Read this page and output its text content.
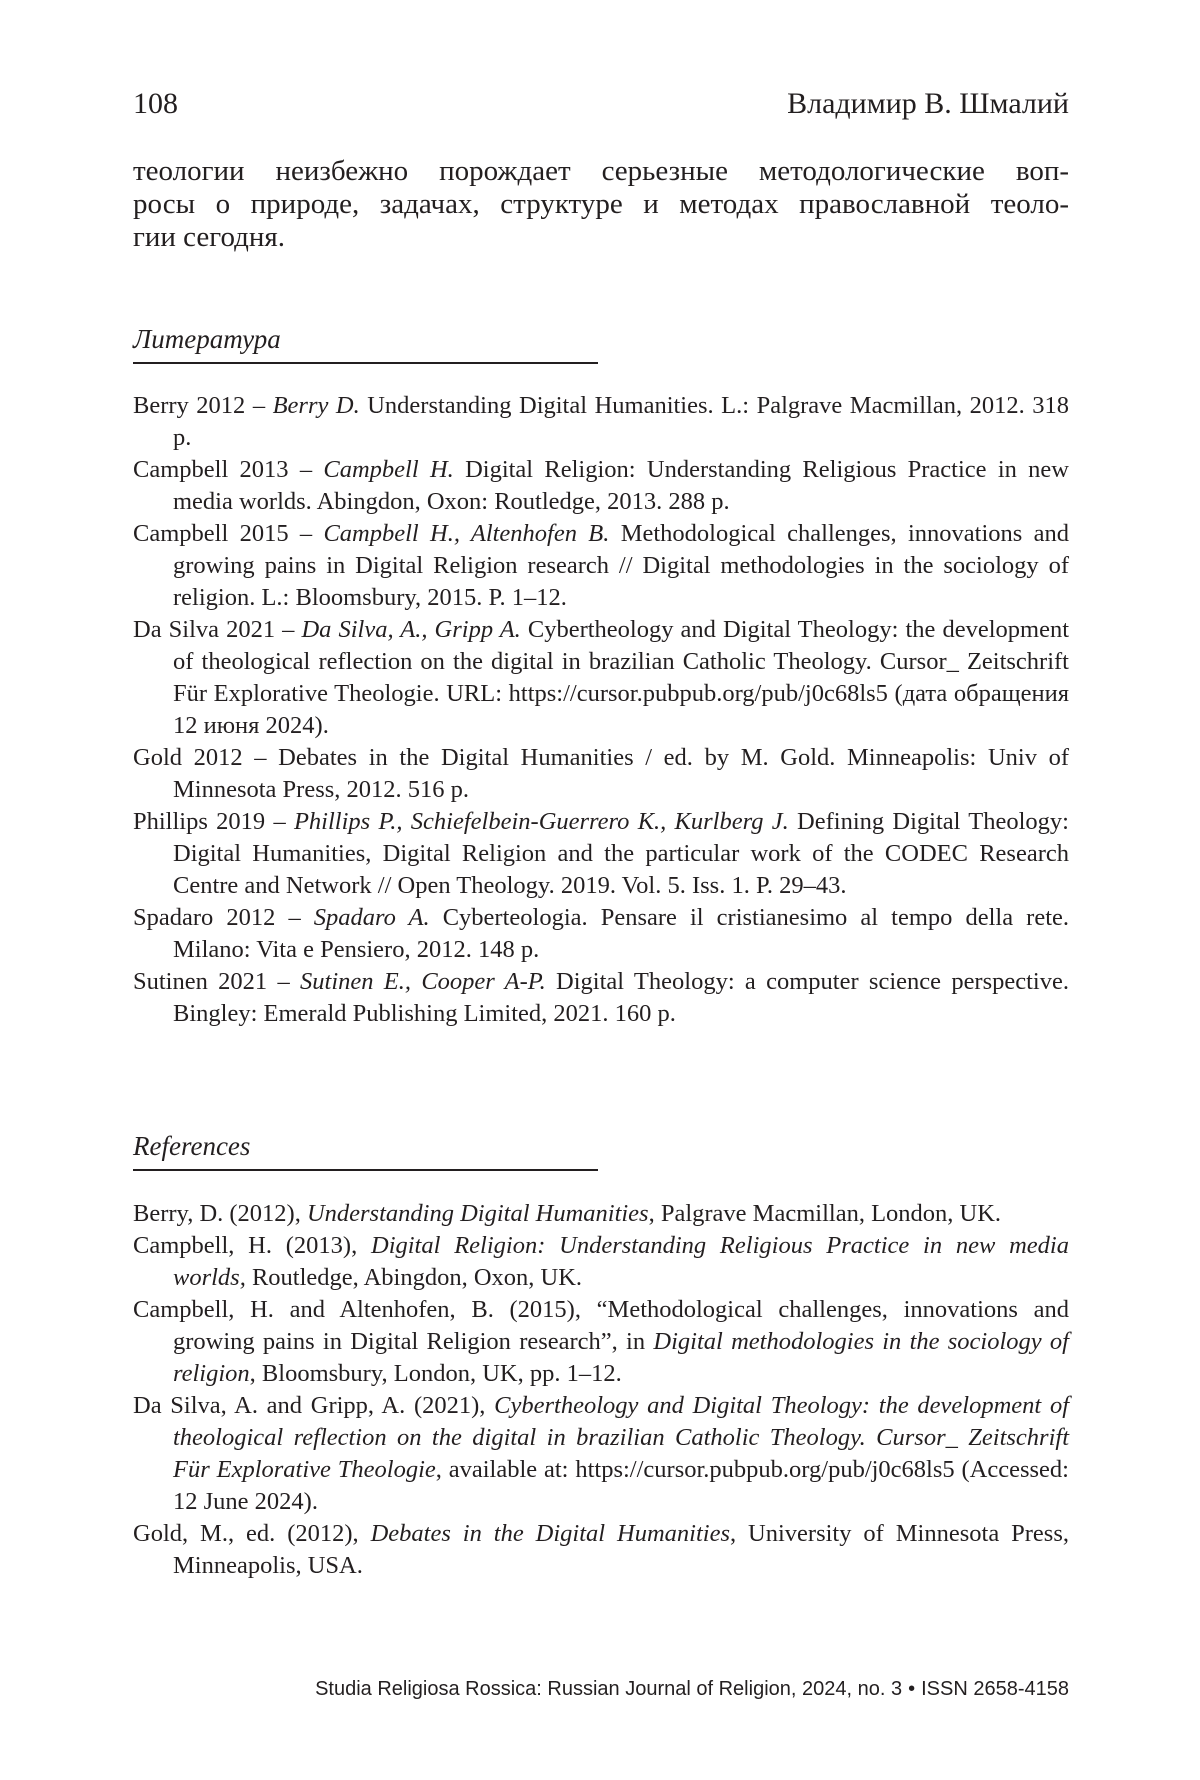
108	Владимир В. Шмалий

теологии неизбежно порождает серьезные методологические воп-
росы о природе, задачах, структуре и методах православной теоло-
гии сегодня.

Литература
Berry 2012 – Berry D. Understanding Digital Humanities. L.: Palgrave Macmillan, 2012. 318 p.
Campbell 2013 – Campbell H. Digital Religion: Understanding Religious Practice in new media worlds. Abingdon, Oxon: Routledge, 2013. 288 p.
Campbell 2015 – Campbell H., Altenhofen B. Methodological challenges, innovations and growing pains in Digital Religion research // Digital methodologies in the sociology of religion. L.: Bloomsbury, 2015. P. 1–12.
Da Silva 2021 – Da Silva, A., Gripp A. Cybertheology and Digital Theology: the development of theological reflection on the digital in brazilian Catholic Theology. Cursor_ Zeitschrift Für Explorative Theologie. URL: https://cursor.pubpub.org/pub/j0c68ls5 (дата обращения 12 июня 2024).
Gold 2012 – Debates in the Digital Humanities / ed. by M. Gold. Minneapolis: Univ of Minnesota Press, 2012. 516 p.
Phillips 2019 – Phillips P., Schiefelbein-Guerrero K., Kurlberg J. Defining Digital Theology: Digital Humanities, Digital Religion and the particular work of the CODEC Research Centre and Network // Open Theology. 2019. Vol. 5. Iss. 1. P. 29–43.
Spadaro 2012 – Spadaro A. Cyberteologia. Pensare il cristianesimo al tempo della rete. Milano: Vita e Pensiero, 2012. 148 p.
Sutinen 2021 – Sutinen E., Cooper A-P. Digital Theology: a computer science perspective. Bingley: Emerald Publishing Limited, 2021. 160 p.
References
Berry, D. (2012), Understanding Digital Humanities, Palgrave Macmillan, London, UK.
Campbell, H. (2013), Digital Religion: Understanding Religious Practice in new media worlds, Routledge, Abingdon, Oxon, UK.
Campbell, H. and Altenhofen, B. (2015), “Methodological challenges, innovations and growing pains in Digital Religion research”, in Digital methodologies in the sociology of religion, Bloomsbury, London, UK, pp. 1–12.
Da Silva, A. and Gripp, A. (2021), Cybertheology and Digital Theology: the development of theological reflection on the digital in brazilian Catholic Theology. Cursor_ Zeitschrift Für Explorative Theologie, available at: https://cursor.pubpub.org/pub/j0c68ls5 (Accessed: 12 June 2024).
Gold, M., ed. (2012), Debates in the Digital Humanities, University of Minnesota Press, Minneapolis, USA.
Studia Religiosa Rossica: Russian Journal of Religion, 2024, no. 3 • ISSN 2658-4158
